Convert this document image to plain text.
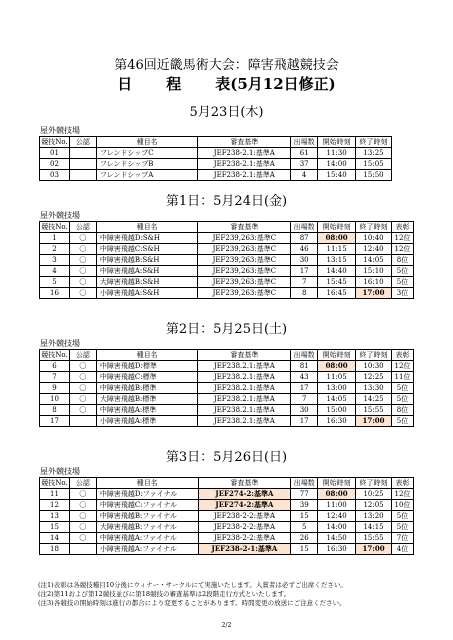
第46回近畿馬術大会：障害飛越競技会
日 程 表(5月12日修正)
5月23日(木)
屋外競技場
競技No.	公認	種目名	審査基準	出場数	開始時刻	終了時刻
01		フレンドシップC	JEF238-2.1:基準A	61	11:30	13:25
02		フレンドシップB	JEF238-2.1:基準A	37	14:00	15:05
03		フレンドシップA	JEF238-2.1:基準A	4	15:40	15:50
第1日：5月24日(金)
屋外競技場
競技No.	公認	種目名	審査基準	出場数	開始時刻	終了時刻	表彰
1	〇	中障害飛越D:S&H	JEF239,263:基準C	87	08:00	10:40	12位
2	〇	中障害飛越C:S&H	JEF239,263:基準C	46	11:15	12:40	12位
3	〇	中障害飛越B:S&H	JEF239,263:基準C	30	13:15	14:05	8位
4	〇	中障害飛越A:S&H	JEF239,263:基準C	17	14:40	15:10	5位
5	〇	大障害飛越B:S&H	JEF239,263:基準C	7	15:45	16:10	5位
16	〇	小障害飛越A:S&H	JEF239,263:基準C	8	16:45	17:00	3位
第2日：5月25日(土)
屋外競技場
競技No.	公認	種目名	審査基準	出場数	開始時刻	終了時刻	表彰
6	〇	中障害飛越D:標準	JEF238.2.1:基準A	81	08:00	10:30	12位
7	〇	中障害飛越C:標準	JEF238.2.1:基準A	43	11:05	12:25	11位
9	〇	中障害飛越B:標準	JEF238.2.1:基準A	17	13:00	13:30	5位
10	〇	大障害飛越B:標準	JEF238.2.1:基準A	7	14:05	14:25	5位
8	〇	中障害飛越A:標準	JEF238.2.1:基準A	30	15:00	15:55	8位
17		小障害飛越A:標準	JEF238.2.1:基準A	17	16:30	17:00	5位
第3日：5月26日(日)
屋外競技場
競技No.	公認	種目名	審査基準	出場数	開始時刻	終了時刻	表彰
11	〇	中障害飛越D:ファイナル	JEF274-2:基準A	77	08:00	10:25	12位
12	〇	中障害飛越C:ファイナル	JEF274-2:基準A	39	11:00	12:05	10位
13	〇	中障害飛越B:ファイナル	JEF238-2-2:基準A	15	12:40	13:20	5位
15	〇	大障害飛越B:ファイナル	JEF238-2-2:基準A	5	14:00	14:15	5位
14	〇	中障害飛越A:ファイナル	JEF238-2-2:基準A	26	14:50	15:55	7位
18		小障害飛越A:ファイナル	JEF238-2-1:基準A	15	16:30	17:00	4位
(注1)表彰は各競技種目10分後にウィナー・サークルにて実施いたします。入賞者は必ずご出席ください。
(注2)第11および第12競技並びに第18競技の審査基準は2段階走行方式といたします。
(注3)各競技の開始時刻は進行の都合により変更することがあります。時間変更の放送にご注意ください。
2/2
